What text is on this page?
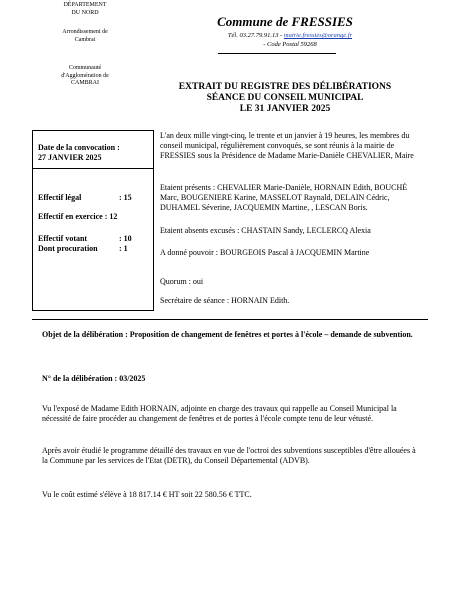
DÉPARTEMENT
DU NORD
Arrondissement de
Cambrai
Communauté
d'Agglomération de
CAMBRAI
Commune de FRESSIES
Tél. 03.27.79.91.13 - mairie.fressies@orange.fr
- Code Postal 59268
EXTRAIT DU REGISTRE DES DÉLIBÉRATIONS
SÉANCE DU CONSEIL MUNICIPAL
LE 31 JANVIER 2025
Date de la convocation :
27 JANVIER 2025
Effectif légal	: 15
Effectif en exercice : 12
Effectif votant	: 10
Dont procuration	: 1
L'an deux mille vingt-cinq, le trente et un janvier à 19 heures, les membres du conseil municipal, régulièrement convoqués, se sont réunis à la mairie de FRESSIES sous la Présidence de Madame Marie-Danièle CHEVALIER, Maire
Etaient présents : CHEVALIER Marie-Danièle, HORNAIN Edith, BOUCHÉ Marc, BOUGENIERE Karine, MASSELOT Raynald, DELAIN Cédric, DUHAMEL Séverine, JACQUEMIN Martine, , LESCAN Boris.
Etaient absents excusés : CHASTAIN Sandy, LECLERCQ Alexia
A donné pouvoir : BOURGEOIS Pascal à JACQUEMIN Martine
Quorum : oui
Secrétaire de séance : HORNAIN Edith.
Objet de la délibération : Proposition de changement de fenêtres et portes à l'école – demande de subvention.
N° de la délibération : 03/2025
Vu l'exposé de Madame Edith HORNAIN, adjointe en charge des travaux qui rappelle au Conseil Municipal la nécessité de faire procéder au changement de fenêtres et de portes à l'école compte tenu de leur vétusté.
Après avoir étudié le programme détaillé des travaux en vue de l'octroi des subventions susceptibles d'être allouées à la Commune par les services de l'Etat (DETR), du Conseil Départemental (ADVB).
Vu le coût estimé s'élève à 18 817.14 € HT soit 22 580.56 € TTC.
